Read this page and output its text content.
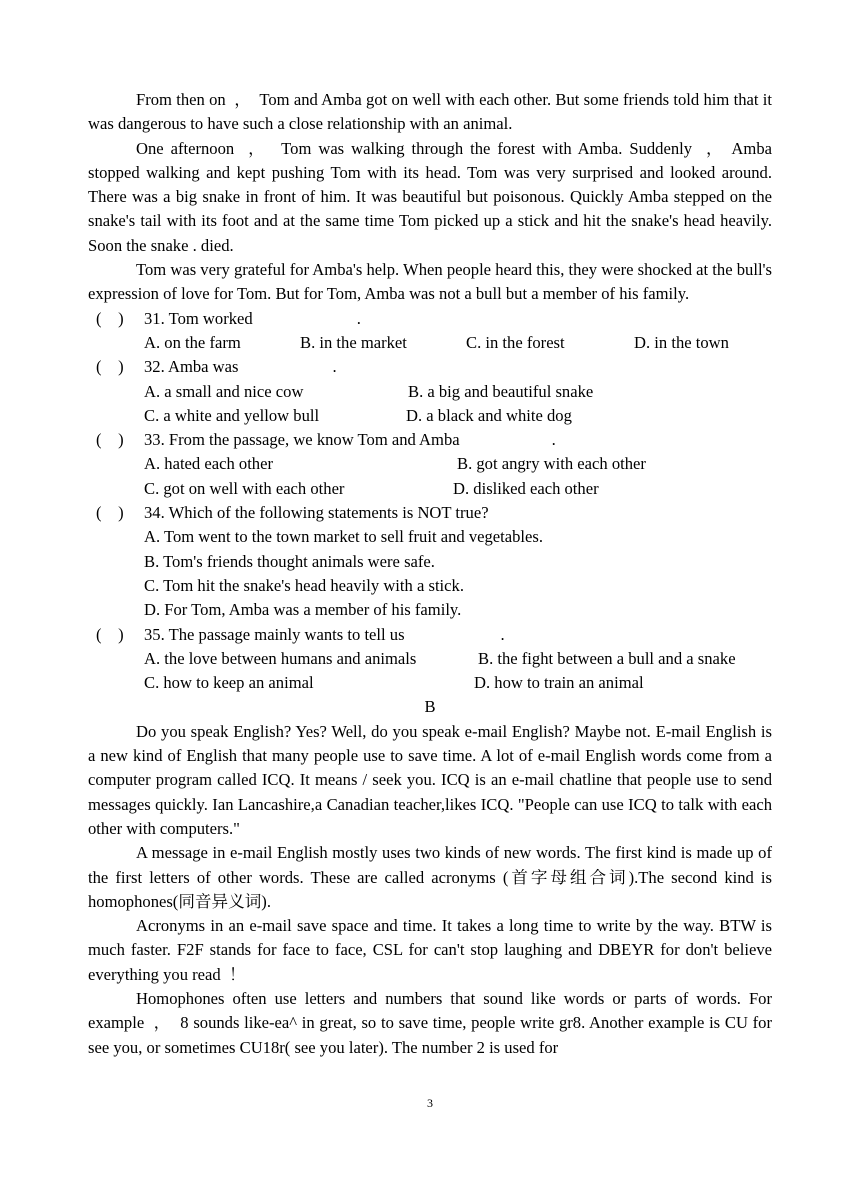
From then on  ，  Tom and Amba got on well with each other. But some friends told him that it was dangerous to have such a close relationship with an animal.

One afternoon  ，  Tom was walking through the forest with Amba. Suddenly  ， Amba stopped walking and kept pushing Tom with its head. Tom was very surprised and looked around. There was a big snake in front of him. It was beautiful but poisonous. Quickly Amba stepped on the snake's tail with its foot and at the same time Tom picked up a stick and hit the snake's head heavily. Soon the snake . died.

Tom was very grateful for Amba's help. When people heard this, they were shocked at the bull's expression of love for Tom. But for Tom, Amba was not a bull but a member of his family.

(    ) 31. Tom worked	.
A. on the farm	B. in the market	C. in the forest	D. in the town
(    ) 32. Amba was	.
A. a small and nice cow	B. a big and beautiful snake
C. a white and yellow bull	D. a black and white dog
(    ) 33. From the passage, we know Tom and Amba	.
A. hated each other	B. got angry with each other
C. got on well with each other	D. disliked each other
(    ) 34. Which of the following statements is NOT true?
A. Tom went to the town market to sell fruit and vegetables.
B. Tom's friends thought animals were safe.
C. Tom hit the snake's head heavily with a stick.
D. For Tom, Amba was a member of his family.
(    ) 35. The passage mainly wants to tell us	.
A. the love between humans and animals	B. the fight between a bull and a snake
C. how to keep an animal	D. how to train an animal

B

Do you speak English? Yes? Well, do you speak e-mail English? Maybe not. E-mail English is a new kind of English that many people use to save time. A lot of e-mail English words come from a computer program called ICQ. It means / seek you. ICQ is an e-mail chatline that people use to send messages quickly. Ian Lancashire,a Canadian teacher,likes ICQ. "People can use ICQ to talk with each other with computers."

A message in e-mail English mostly uses two kinds of new words. The first kind is made up of the first letters of other words. These are called acronyms (首字母组合词).The second kind is homophones(同音异义词).

Acronyms in an e-mail save space and time. It takes a long time to write by the way. BTW is much faster. F2F stands for face to face, CSL for can't stop laughing and DBEYR for don't believe everything you read  ！

Homophones often use letters and numbers that sound like words or parts of words. For example  ，  8 sounds like-ea^ in great, so to save time, people write gr8. Another example is CU for see you, or sometimes CU18r( see you later). The number 2 is used for

3
